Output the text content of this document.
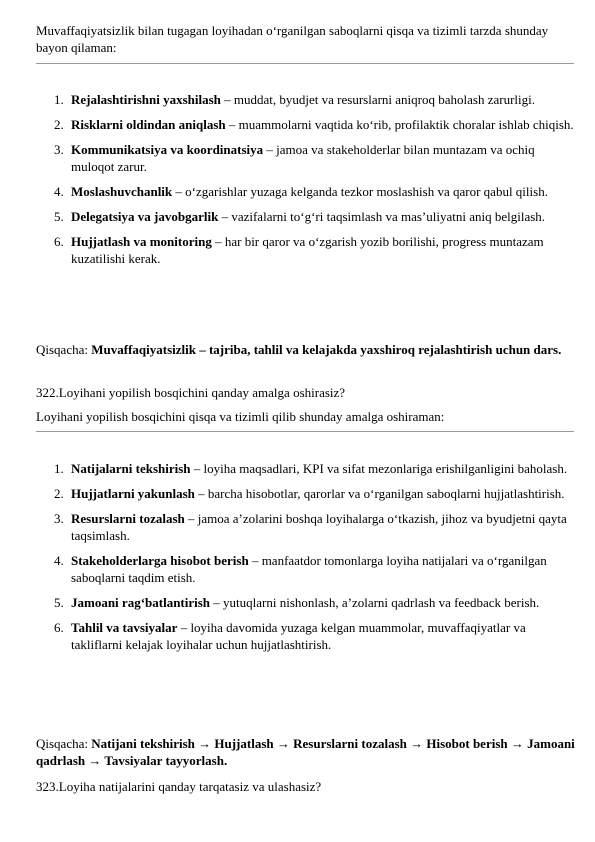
Muvaffaqiyatsizlik bilan tugagan loyihadan o‘rganilgan saboqlarni qisqa va tizimli tarzda shunday bayon qilaman:

1. Rejalashtirishni yaxshilash – muddat, byudjet va resurslarni aniqroq baholash zarurligi.
2. Risklarni oldindan aniqlash – muammolarni vaqtida ko‘rib, profilaktik choralar ishlab chiqish.
3. Kommunikatsiya va koordinatsiya – jamoa va stakeholderlar bilan muntazam va ochiq muloqot zarur.
4. Moslashuvchanlik – o‘zgarishlar yuzaga kelganda tezkor moslashish va qaror qabul qilish.
5. Delegatsiya va javobgarlik – vazifalarni to‘g‘ri taqsimlash va mas’uliyatni aniq belgilash.
6. Hujjatlash va monitoring – har bir qaror va o‘zgarish yozib borilishi, progress muntazam kuzatilishi kerak.

Qisqacha: Muvaffaqiyatsizlik – tajriba, tahlil va kelajakda yaxshiroq rejalashtirish uchun dars.

322.Loyihani yopilish bosqichini qanday amalga oshirasiz?

Loyihani yopilish bosqichini qisqa va tizimli qilib shunday amalga oshiraman:

1. Natijalarni tekshirish – loyiha maqsadlari, KPI va sifat mezonlariga erishilganligini baholash.
2. Hujjatlarni yakunlash – barcha hisobotlar, qarorlar va o‘rganilgan saboqlarni hujjatlashtirish.
3. Resurslarni tozalash – jamoa a’zolarini boshqa loyihalarga o‘tkazish, jihoz va byudjetni qayta taqsimlash.
4. Stakeholderlarga hisobot berish – manfaatdor tomonlarga loyiha natijalari va o‘rganilgan saboqlarni taqdim etish.
5. Jamoani rag‘batlantirish – yutuqlarni nishonlash, a’zolarni qadrlash va feedback berish.
6. Tahlil va tavsiyalar – loyiha davomida yuzaga kelgan muammolar, muvaffaqiyatlar va takliflarni kelajak loyihalar uchun hujjatlashtirish.

Qisqacha: Natijani tekshirish → Hujjatlash → Resurslarni tozalash → Hisobot berish → Jamoani qadrlash → Tavsiyalar tayyorlash.

323.Loyiha natijalarini qanday tarqatasiz va ulashasiz?
